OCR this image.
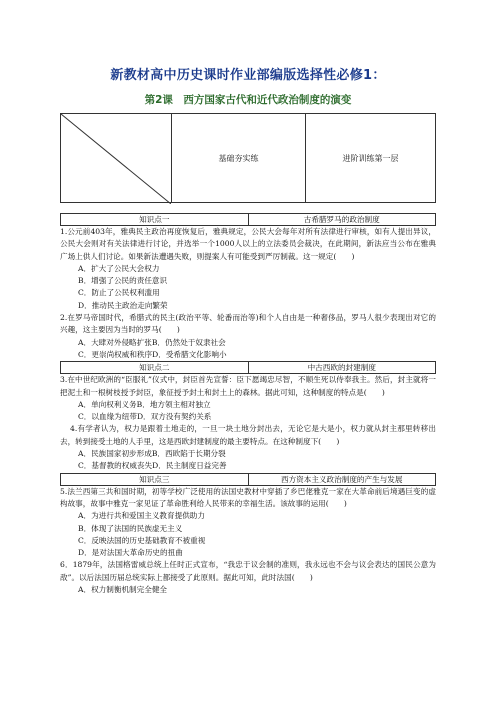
新教材高中历史课时作业部编版选择性必修1：
第2课　西方国家古代和近代政治制度的演变
	基础夯实练	进阶训练第一层
知识点一	古希腊罗马的政治制度

1.公元前403年，雅典民主政治再度恢复后，雅典规定，公民大会每年对所有法律进行审核，如有人提出异议，公民大会则对有关法律进行讨论，并选举一个1000人以上的立法委员会裁决，在此期间，新法应当公布在雅典广场上供人们讨论。如果新法遭遇失败，则提案人有可能受到严厉制裁。这一规定(　　)

A．扩大了公民大会权力

B．增强了公民的责任意识

C．防止了公民权利滥用

D．推动民主政治走向繁荣

2.在罗马帝国时代，希腊式的民主(政治平等、轮番而治等)和个人自由是一种奢侈品，罗马人很少表现出对它的兴趣，这主要因为当时的罗马(　　)

A．大肆对外侵略扩张B．仍然处于奴隶社会

C．更崇尚权威和秩序D．受希腊文化影响小

知识点二	中古西欧的封建制度

3.在中世纪欧洲的“臣服礼”仪式中，封臣首先宣誓：臣下愿竭忠尽智，不顺生死以侍奉我主。然后，封主就将一把泥土和一根树枝授予封臣，象征授予封土和封土上的森林。据此可知，这种制度的特点是(　　)

A．单向权利义务B．地方领主相对独立

C．以血缘为纽带D．双方没有契约关系

4.有学者认为，权力是跟着土地走的，一旦一块土地分封出去，无论它是大是小，权力就从封主那里转移出去，转到接受土地的人手里，这是西欧封建制度的最主要特点。在这种制度下(　　)

A．民族国家初步形成B．西欧陷于长期分裂

C．基督教的权威丧失D．民主制度日益完善

知识点三	西方资本主义政治制度的产生与发展

5.法兰西第三共和国时期，初等学校广泛使用的法国史教材中穿插了乡巴佬雅克一家在大革命前后境遇巨变的虚构故事，故事中雅克一家见证了革命胜利给人民带来的幸福生活。该故事的运用(　　)

A．为进行共和爱国主义教育提供助力

B．体现了法国的民族虚无主义

C．反映法国的历史基础教育不被重视

D．是对法国大革命历史的扭曲

6．1879年，法国格雷威总统上任时正式宣布，“我忠于议会制的准则，我永远也不会与议会表达的国民公意为敌”。以后法国历届总统实际上都接受了此原则。据此可知，此时法国(　　)

A．权力制衡机制完全健全
